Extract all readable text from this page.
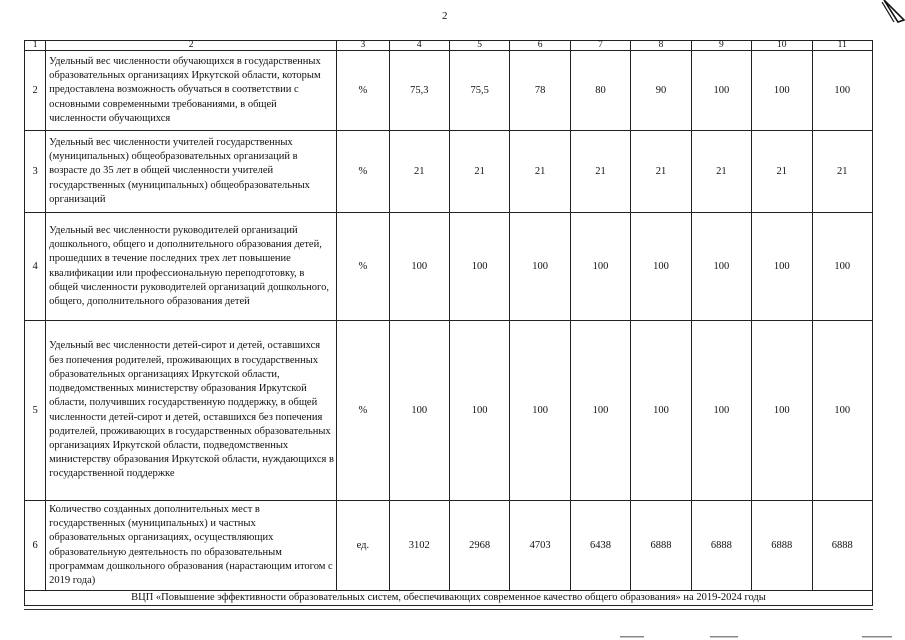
2
1	2	3	4	5	6	7	8	9	10	11
2	Удельный вес численности обучающихся в государственных образовательных организациях Иркутской области, которым предоставлена возможность обучаться в соответствии с основными современными требованиями, в общей численности обучающихся	%	75,3	75,5	78	80	90	100	100	100
3	Удельный вес численности учителей государственных (муниципальных) общеобразовательных организаций в возрасте до 35 лет в общей численности учителей государственных (муниципальных) общеобразовательных организаций	%	21	21	21	21	21	21	21	21
4	Удельный вес численности руководителей организаций дошкольного, общего и дополнительного образования детей, прошедших в течение последних трех лет повышение квалификации или профессиональную переподготовку, в общей численности руководителей организаций дошкольного, общего, дополнительного образования детей	%	100	100	100	100	100	100	100	100
5	Удельный вес численности детей-сирот и детей, оставшихся без попечения родителей, проживающих в государственных образовательных организациях Иркутской области, подведомственных министерству образования Иркутской области, получивших государственную поддержку, в общей численности детей-сирот и детей, оставшихся без попечения родителей, проживающих в государственных образовательных организациях Иркутской области, подведомственных министерству образования Иркутской области, нуждающихся в государственной поддержке	%	100	100	100	100	100	100	100	100
6	Количество созданных дополнительных мест в государственных (муниципальных) и частных образовательных организациях, осуществляющих образовательную деятельность по образовательным программам дошкольного образования (нарастающим итогом с 2019 года)	ед.	3102	2968	4703	6438	6888	6888	6888	6888
ВЦП «Повышение эффективности образовательных систем, обеспечивающих современное качество общего образования» на 2019-2024 годы										
